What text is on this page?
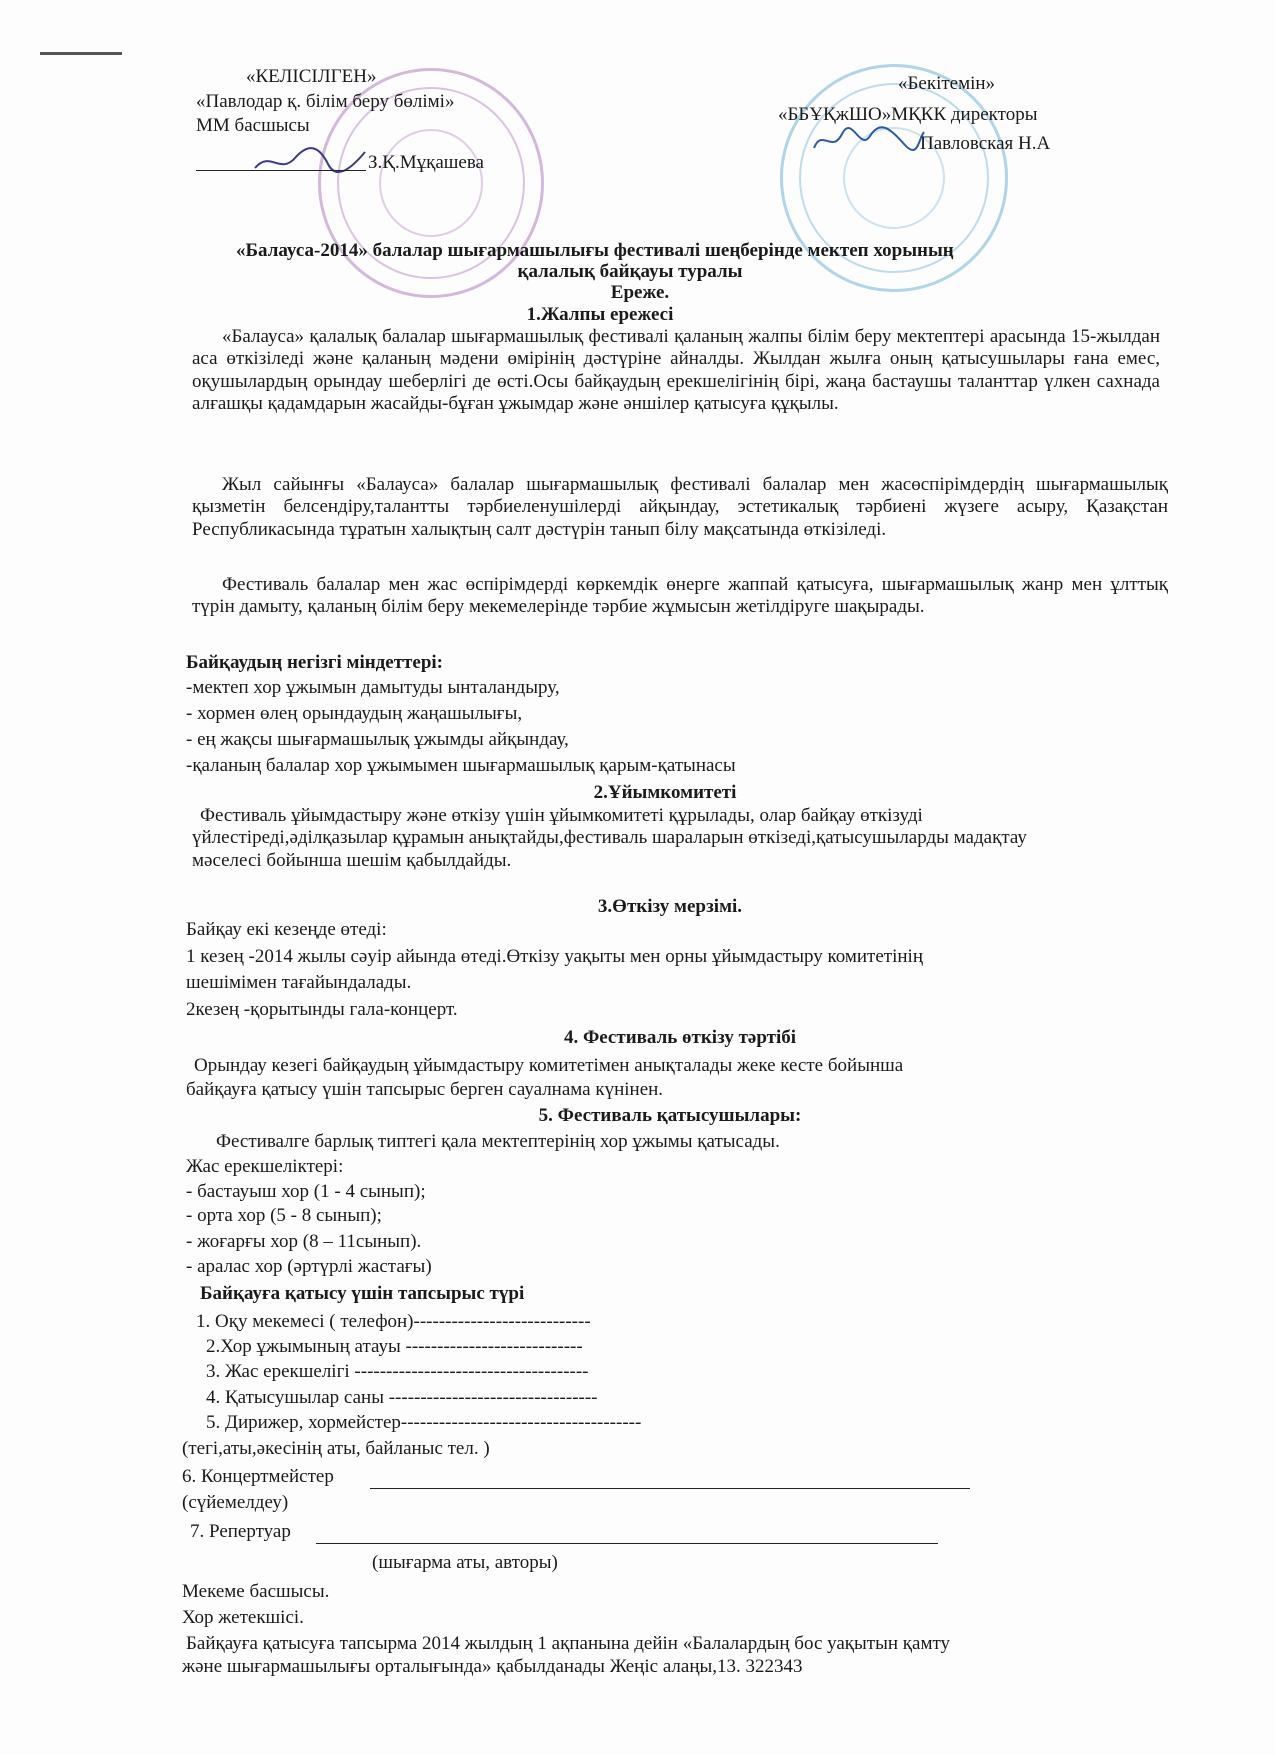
«КЕЛІСІЛГЕН»
«Павлодар қ. білім беру бөлімі»
ММ басшысы
З.Қ.Мұқашева
«Бекітемін»
«ББҰҚжШО»МҚКК директоры
Павловская Н.А
«Балауса-2014» балалар шығармашылығы фестивалі шеңберінде мектеп хорының
қалалық байқауы туралы
Ереже.
1.Жалпы ережесі
«Балауса» қалалық балалар шығармашылық фестивалі қаланың жалпы білім беру мектептері арасында 15-жылдан аса өткізіледі және қаланың мәдени өмірінің дәстүріне айналды. Жылдан жылға оның қатысушылары ғана емес, оқушылардың орындау шеберлігі де өсті.Осы байқаудың ерекшелігінің бірі, жаңа бастаушы таланттар үлкен сахнада алғашқы қадамдарын жасайды-бұған ұжымдар және әншілер қатысуға құқылы.
Жыл сайынғы «Балауса» балалар шығармашылық фестивалі балалар мен жасөспірімдердің шығармашылық қызметін белсендіру,талантты тәрбиеленушілерді айқындау, эстетикалық тәрбиені жүзеге асыру, Қазақстан Республикасында тұратын халықтың салт дәстүрін танып білу мақсатында өткізіледі.
Фестиваль балалар мен жас өспірімдерді көркемдік өнерге жаппай қатысуға, шығармашылық жанр мен ұлттық түрін дамыту, қаланың білім беру мекемелерінде тәрбие жұмысын жетілдіруге шақырады.
Байқаудың негізгі міндеттері:
-мектеп хор ұжымын дамытуды ынталандыру,
- хормен өлең орындаудың жаңашылығы,
- ең жақсы шығармашылық ұжымды айқындау,
-қаланың балалар хор ұжымымен шығармашылық қарым-қатынасы
2.Ұйымкомитеті
Фестиваль ұйымдастыру және өткізу үшін ұйымкомитеті құрылады, олар байқау өткізуді үйлестіреді,әділқазылар құрамын анықтайды,фестиваль шараларын өткізеді,қатысушыларды мадақтау мәселесі бойынша шешім қабылдайды.
3.Өткізу мерзімі.
Байқау екі кезеңде өтеді:
1 кезең -2014 жылы сәуір айында өтеді.Өткізу уақыты мен орны ұйымдастыру комитетінің
шешімімен тағайындалады.
2кезең -қорытынды гала-концерт.
4. Фестиваль өткізу тәртібі
Орындау кезегі байқаудың ұйымдастыру комитетімен анықталады жеке кесте бойынша
байқауға қатысу үшін тапсырыс берген сауалнама күнінен.
5. Фестиваль қатысушылары:
Фестивалге барлық типтегі қала мектептерінің хор ұжымы қатысады.
Жас ерекшеліктері:
- бастауыш хор (1 - 4 сынып);
- орта хор (5 - 8 сынып);
- жоғарғы хор (8 – 11сынып).
- аралас хор (әртүрлі жастағы)
Байқауға қатысу үшін тапсырыс түрі
1. Оқу мекемесі ( телефон)----------------------------
2.Хор ұжымының атауы ----------------------------
3. Жас ерекшелігі -------------------------------------
4. Қатысушылар саны ---------------------------------
5. Дирижер, хормейстер--------------------------------------
(тегі,аты,әкесінің аты, байланыс тел. )
6. Концертмейстер
(сүйемелдеу)
7. Репертуар
(шығарма аты, авторы)
Мекеме басшысы.
Хор жетекшісі.
Байқауға қатысуға тапсырма 2014 жылдың 1 ақпанына дейін «Балалардың бос уақытын қамту
және шығармашылығы орталығында» қабылданады Жеңіс алаңы,13. 322343
